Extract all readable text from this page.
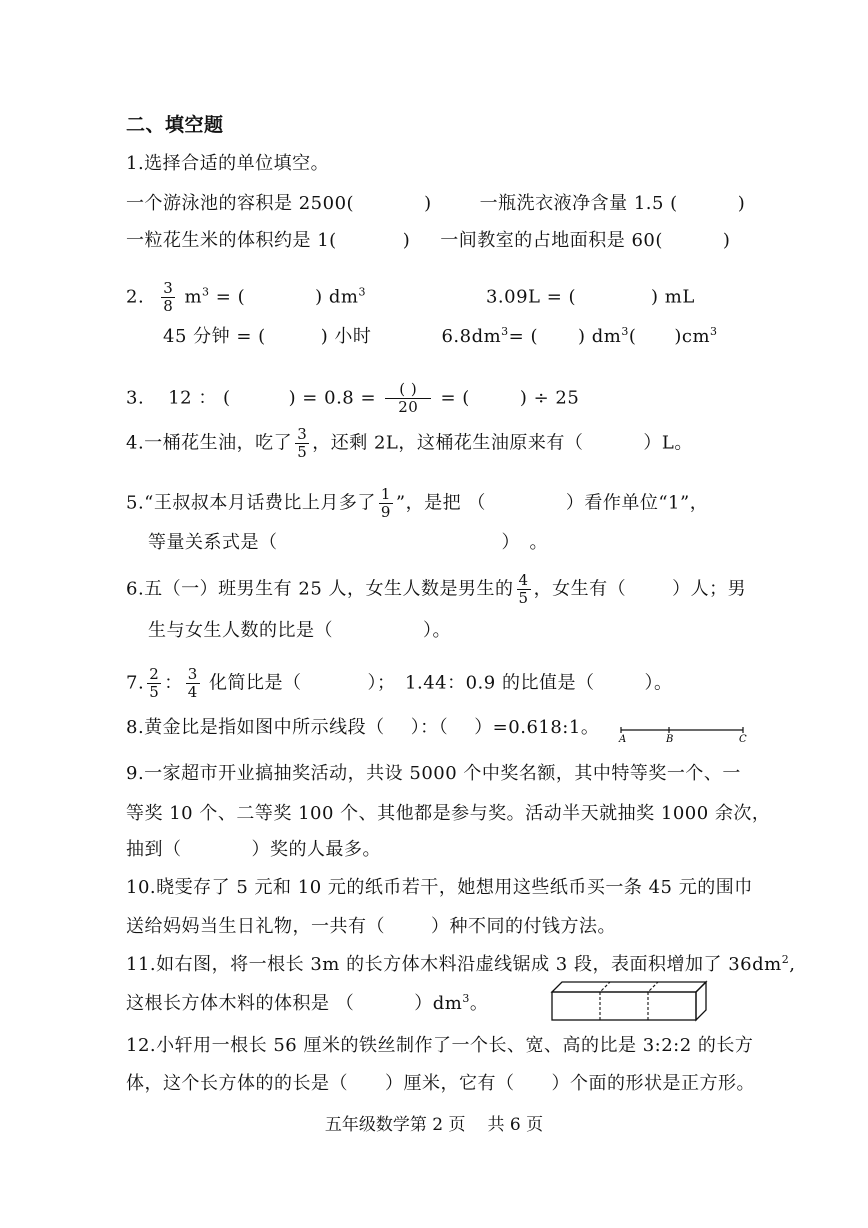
二、填空题
1.选择合适的单位填空。
一个游泳池的容积是 2500(	)	一瓶洗衣液净含量 1.5 (	)
一粒花生米的体积约是 1(	) 一间教室的占地面积是 60(	)
2. $\frac{3}{8} m^3$ = (	) $dm^3$	3.09L = (	) mL
45 分钟 = (	) 小时	$6.8dm^3=$ ( ) $dm^3$( )$cm^3$
3. 12 ： (	) = $0.8 = \frac{( )}{20}$ = (	) ÷ 25
4.一桶花生油，吃了 $\frac{3}{5}$ ，还剩 2L，这桶花生油原来有（	）L。
5.“王叔叔本月话费比上月多了 $\frac{1}{9}$ ”，是把 （	）看作单位“1”，
等量关系式是（	）　。
6.五（一）班男生有 25 人，女生人数是男生的 $\frac{4}{5}$ ，女生有（	）人；男
生与女生人数的比是（	）。
7. $\frac{2}{5}$ ： $\frac{3}{4}$ 化简比是（	）；　1.44：0.9 的比值是（	）。
8.黄金比是指如图中所示线段（ ）：（ ）=0.618:1。
A	B	C
9.一家超市开业搞抽奖活动，共设 5000 个中奖名额，其中特等奖一个、一
等奖 10 个、二等奖 100 个、其他都是参与奖。活动半天就抽奖 1000 余次，
抽到（	）奖的人最多。
10.晓雯存了 5 元和 10 元的纸币若干，她想用这些纸币买一条 45 元的围巾
送给妈妈当生日礼物，一共有（	）种不同的付钱方法。
11.如右图，将一根长 3m 的长方体木料沿虚线锯成 3 段，表面积增加了 $36dm^2$,
这根长方体木料的体积是 （	）$dm^3$。
12.小轩用一根长 56 厘米的铁丝制作了一个长、宽、高的比是 3:2:2 的长方
体，这个长方体的的长是（　　）厘米，它有（　　）个面的形状是正方形。
五年级数学第 2 页 共 6 页
